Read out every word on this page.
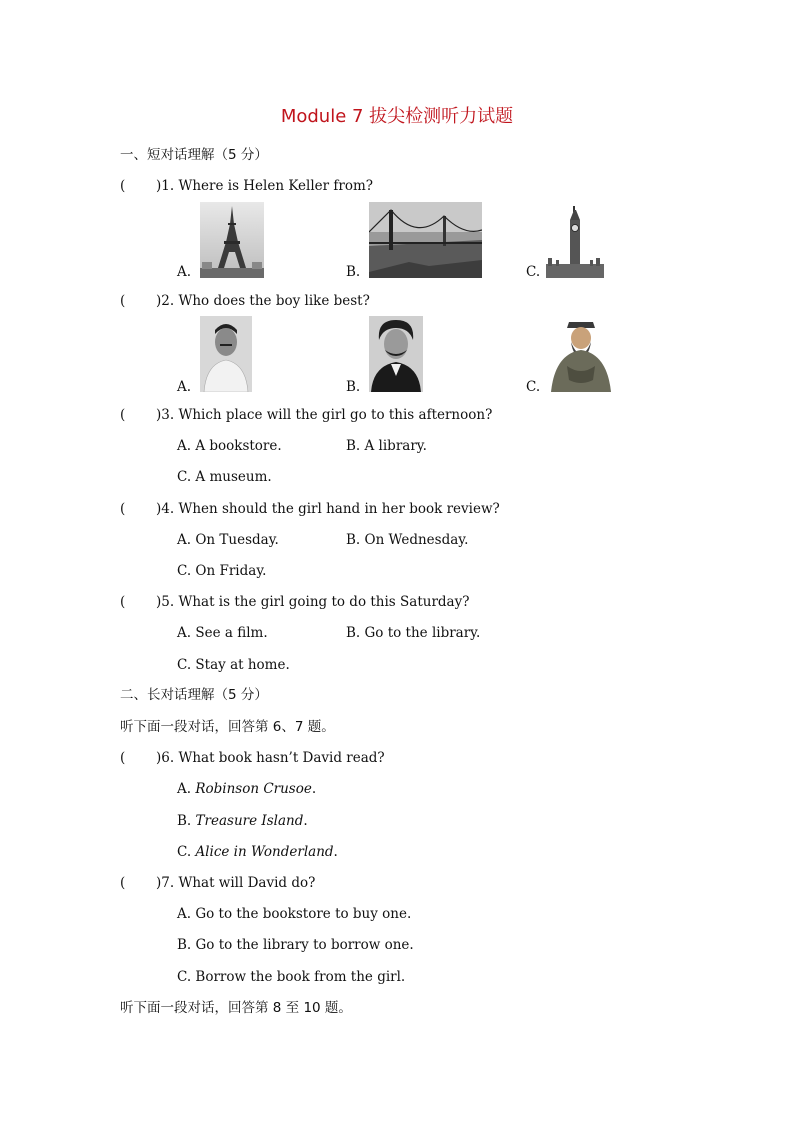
Module 7 拔尖检测听力试题
一、短对话理解（5 分）
( )1. Where is Helen Keller from?
A.	B.	C.
( )2. Who does the boy like best?
A.	B.	C.
( )3. Which place will the girl go to this afternoon?
A. A bookstore.	B. A library.
C. A museum.
( )4. When should the girl hand in her book review?
A. On Tuesday.	B. On Wednesday.
C. On Friday.
( )5. What is the girl going to do this Saturday?
A. See a film.	B. Go to the library.
C. Stay at home.
二、长对话理解（5 分）
听下面一段对话，回答第 6、7 题。
( )6. What book hasn’t David read?
A. Robinson Crusoe.
B. Treasure Island.
C. Alice in Wonderland.
( )7. What will David do?
A. Go to the bookstore to buy one.
B. Go to the library to borrow one.
C. Borrow the book from the girl.
听下面一段对话，回答第 8 至 10 题。
